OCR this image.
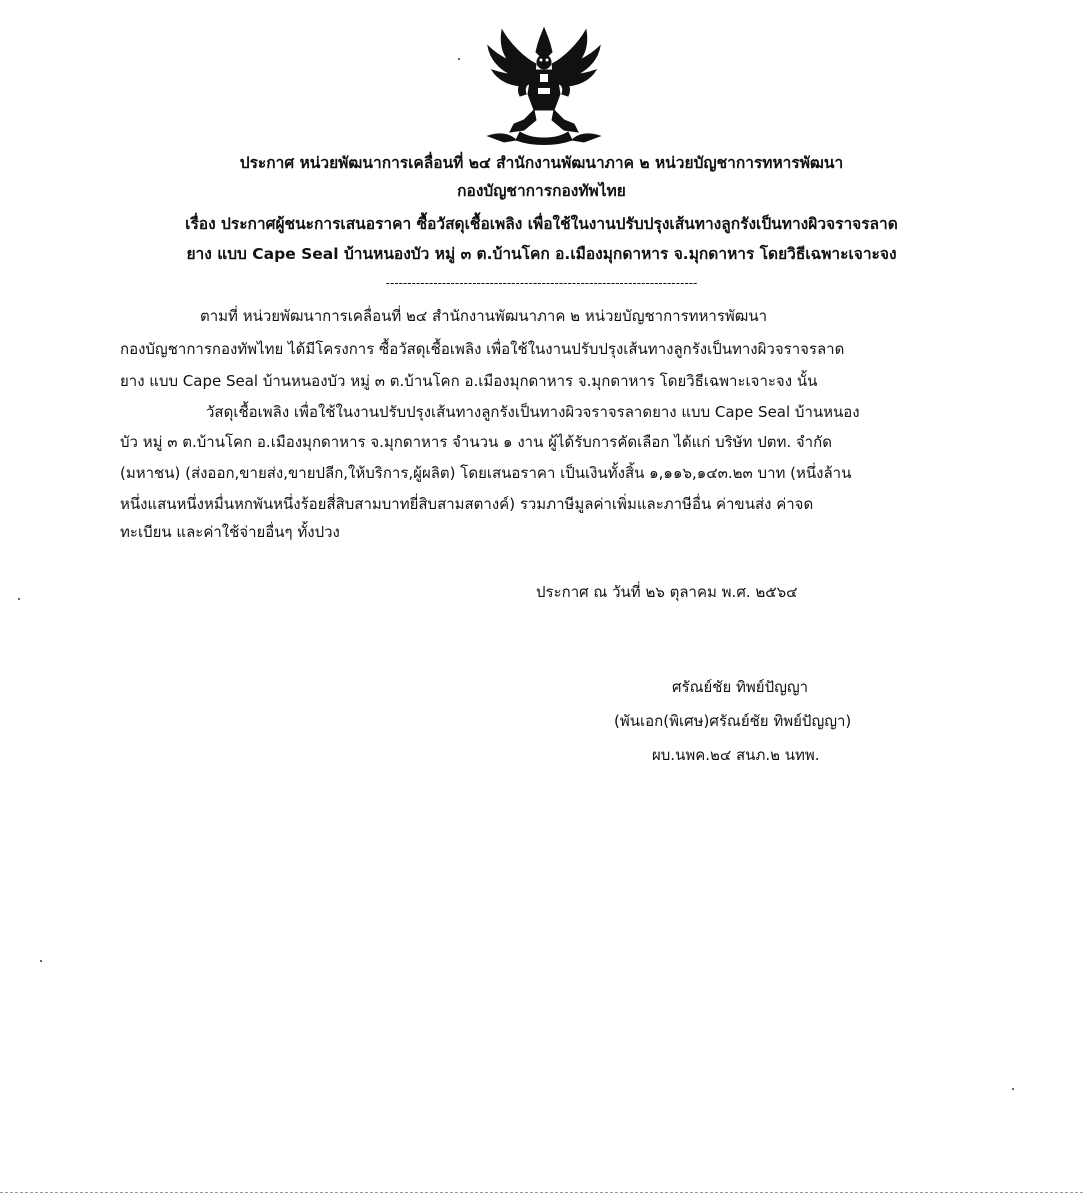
ประกาศ หน่วยพัฒนาการเคลื่อนที่ ๒๔ สำนักงานพัฒนาภาค ๒ หน่วยบัญชาการทหารพัฒนา
กองบัญชาการกองทัพไทย
เรื่อง ประกาศผู้ชนะการเสนอราคา ซื้อวัสดุเชื้อเพลิง เพื่อใช้ในงานปรับปรุงเส้นทางลูกรังเป็นทางผิวจราจรลาด
ยาง แบบ Cape Seal บ้านหนองบัว หมู่ ๓ ต.บ้านโคก อ.เมืองมุกดาหาร จ.มุกดาหาร โดยวิธีเฉพาะเจาะจง
------------------------------------------------------------------------
ตามที่ หน่วยพัฒนาการเคลื่อนที่ ๒๔ สำนักงานพัฒนาภาค ๒ หน่วยบัญชาการทหารพัฒนา
กองบัญชาการกองทัพไทย ได้มีโครงการ ซื้อวัสดุเชื้อเพลิง เพื่อใช้ในงานปรับปรุงเส้นทางลูกรังเป็นทางผิวจราจรลาด
ยาง แบบ Cape Seal บ้านหนองบัว หมู่ ๓ ต.บ้านโคก อ.เมืองมุกดาหาร จ.มุกดาหาร โดยวิธีเฉพาะเจาะจง นั้น
วัสดุเชื้อเพลิง เพื่อใช้ในงานปรับปรุงเส้นทางลูกรังเป็นทางผิวจราจรลาดยาง แบบ Cape Seal บ้านหนอง
บัว หมู่ ๓ ต.บ้านโคก อ.เมืองมุกดาหาร จ.มุกดาหาร จำนวน ๑ งาน ผู้ได้รับการคัดเลือก ได้แก่ บริษัท ปตท. จำกัด
(มหาชน) (ส่งออก,ขายส่ง,ขายปลีก,ให้บริการ,ผู้ผลิต) โดยเสนอราคา เป็นเงินทั้งสิ้น ๑,๑๑๖,๑๔๓.๒๓ บาท (หนึ่งล้าน
หนึ่งแสนหนึ่งหมื่นหกพันหนึ่งร้อยสี่สิบสามบาทยี่สิบสามสตางค์) รวมภาษีมูลค่าเพิ่มและภาษีอื่น ค่าขนส่ง ค่าจด
ทะเบียน และค่าใช้จ่ายอื่นๆ ทั้งปวง
ประกาศ ณ วันที่ ๒๖ ตุลาคม พ.ศ. ๒๕๖๔
ศรัณย์ชัย ทิพย์ปัญญา
(พันเอก(พิเศษ)ศรัณย์ชัย ทิพย์ปัญญา)
ผบ.นพค.๒๔ สนภ.๒ นทพ.
